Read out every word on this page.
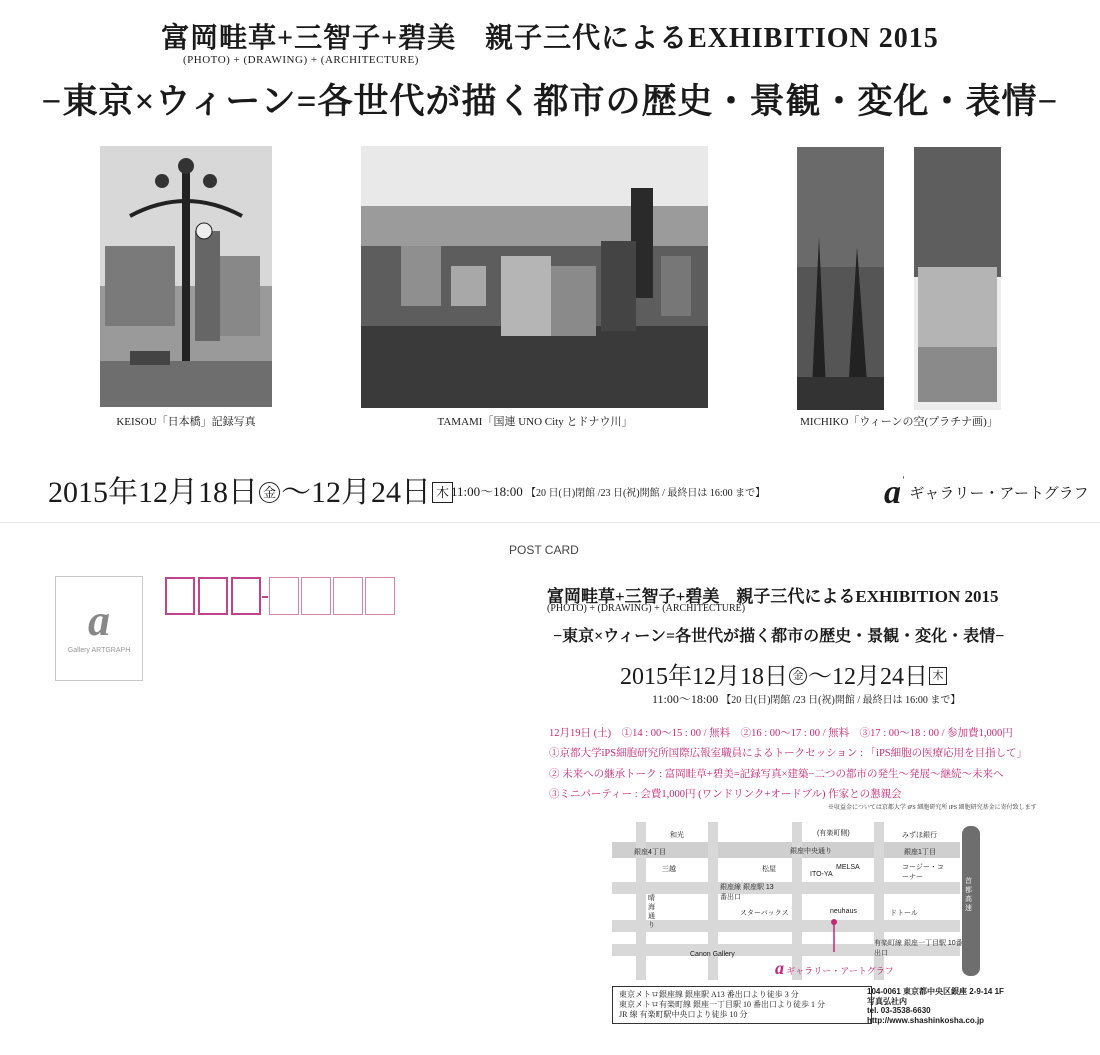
富岡畦草+三智子+碧美　親子三代によるEXHIBITION 2015
(PHOTO) + (DRAWING) + (ARCHITECTURE)
−東京×ウィーン=各世代が描く都市の歴史・景観・変化・表情−
KEISOU「日本橋」記録写真	TAMAMI「国連 UNO City とドナウ川」	MICHIKO「ウィーンの空(プラチナ画)」
2015年12月18日 金 〜12月24日 木 11:00〜18:00 【20 日(日)閉館 /23 日(祝)開館 / 最終日は 16:00 まで】	aˈ ギャラリー・アートグラフ
POST CARD
a
Gallery ARTGRAPH
富岡畦草+三智子+碧美　親子三代によるEXHIBITION 2015
(PHOTO) + (DRAWING) + (ARCHITECTURE)
−東京×ウィーン=各世代が描く都市の歴史・景観・変化・表情−
2015年12月18日 金 〜12月24日 木
11:00〜18:00 【20 日(日)閉館 /23 日(祝)開館 / 最終日は 16:00 まで】
12月19日 (土)　①14 : 00〜15 : 00 / 無料　②16 : 00〜17 : 00 / 無料　③17 : 00〜18 : 00 / 参加費1,000円
①京都大学iPS細胞研究所国際広報室職員によるトークセッション : 「iPS細胞の医療応用を目指して」
② 未来への継承トーク : 富岡畦草+碧美=記録写真×建築−二つの都市の発生〜発展〜継続〜未来へ
③ミニパーティー : 会費1,000円 (ワンドリンク+オードブル) 作家との懇親会
※収益金については京都大学 iPS 細胞研究所 iPS 細胞研究基金に寄付致します
和光	(有楽町側)	みずほ銀行
銀座4丁目	銀座中央通り	銀座1丁目
三越	松屋	MELSA
ITO-YA
コージー・コーナー
晴海通り
銀座線 銀座駅 13番出口
首都高速
スターバックス	neuhaus	ドトール
有楽町線 銀座一丁目駅 10番出口
Canon Gallery
a ギャラリー・アートグラフ
東京メトロ銀座線 銀座駅 A13 番出口より徒歩 3 分
東京メトロ有楽町線 銀座一丁目駅 10 番出口より徒歩 1 分
JR 線 有楽町駅中央口より徒歩 10 分
104-0061 東京都中央区銀座 2-9-14 1F
写真弘社内
tel. 03-3538-6630
http://www.shashinkosha.co.jp
